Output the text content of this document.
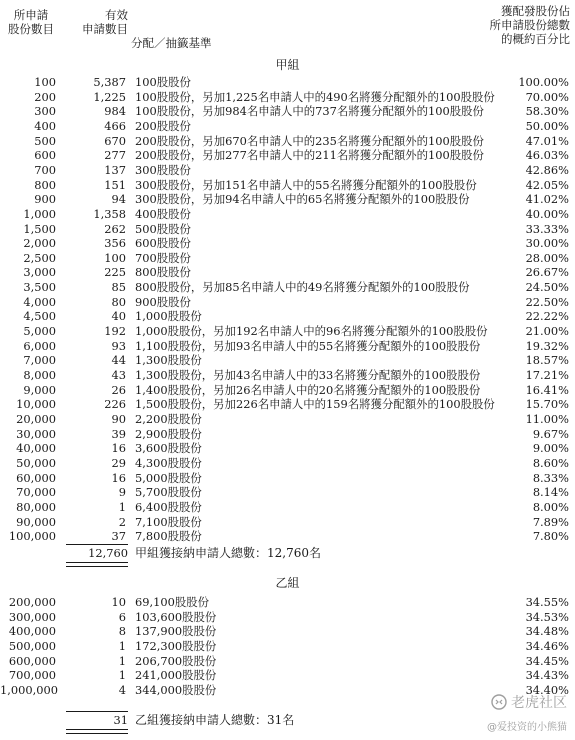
所申請
股份數目
有效
申請數目
分配／抽籤基準
獲配發股份佔
所申請股份總數
的概約百分比
甲組
100	5,387 100股股份	100.00%
200	1,225 100股股份，另加1,225名申請人中的490名將獲分配額外的100股股份	70.00%
300	984 100股股份，另加984名申請人中的737名將獲分配額外的100股股份	58.30%
400	466 200股股份	50.00%
500	670 200股股份，另加670名申請人中的235名將獲分配額外的100股股份	47.01%
600	277 200股股份，另加277名申請人中的211名將獲分配額外的100股股份	46.03%
700	137 300股股份	42.86%
800	151 300股股份，另加151名申請人中的55名將獲分配額外的100股股份	42.05%
900	94 300股股份，另加94名申請人中的65名將獲分配額外的100股股份	41.02%
1,000	1,358 400股股份	40.00%
1,500	262 500股股份	33.33%
2,000	356 600股股份	30.00%
2,500	100 700股股份	28.00%
3,000	225 800股股份	26.67%
3,500	85 800股股份，另加85名申請人中的49名將獲分配額外的100股股份	24.50%
4,000	80 900股股份	22.50%
4,500	40 1,000股股份	22.22%
5,000	192 1,000股股份，另加192名申請人中的96名將獲分配額外的100股股份	21.00%
6,000	93 1,100股股份，另加93名申請人中的55名將獲分配額外的100股股份	19.32%
7,000	44 1,300股股份	18.57%
8,000	43 1,300股股份，另加43名申請人中的33名將獲分配額外的100股股份	17.21%
9,000	26 1,400股股份，另加26名申請人中的20名將獲分配額外的100股股份	16.41%
10,000	226 1,500股股份，另加226名申請人中的159名將獲分配額外的100股股份	15.70%
20,000	90 2,200股股份	11.00%
30,000	39 2,900股股份	9.67%
40,000	16 3,600股股份	9.00%
50,000	29 4,300股股份	8.60%
60,000	16 5,000股股份	8.33%
70,000	9 5,700股股份	8.14%
80,000	1 6,400股股份	8.00%
90,000	2 7,100股股份	7.89%
100,000	37 7,800股股份	7.80%
12,760 甲組獲接納申請人總數：12,760名
乙組
200,000	10 69,100股股份	34.55%
300,000	6 103,600股股份	34.53%
400,000	8 137,900股股份	34.48%
500,000	1 172,300股股份	34.46%
600,000	1 206,700股股份	34.45%
700,000	1 241,000股股份	34.43%
1,000,000	4 344,000股股份	34.40%
31 乙組獲接納申請人總數：31名
老虎社区
@爱投资的小熊猫
